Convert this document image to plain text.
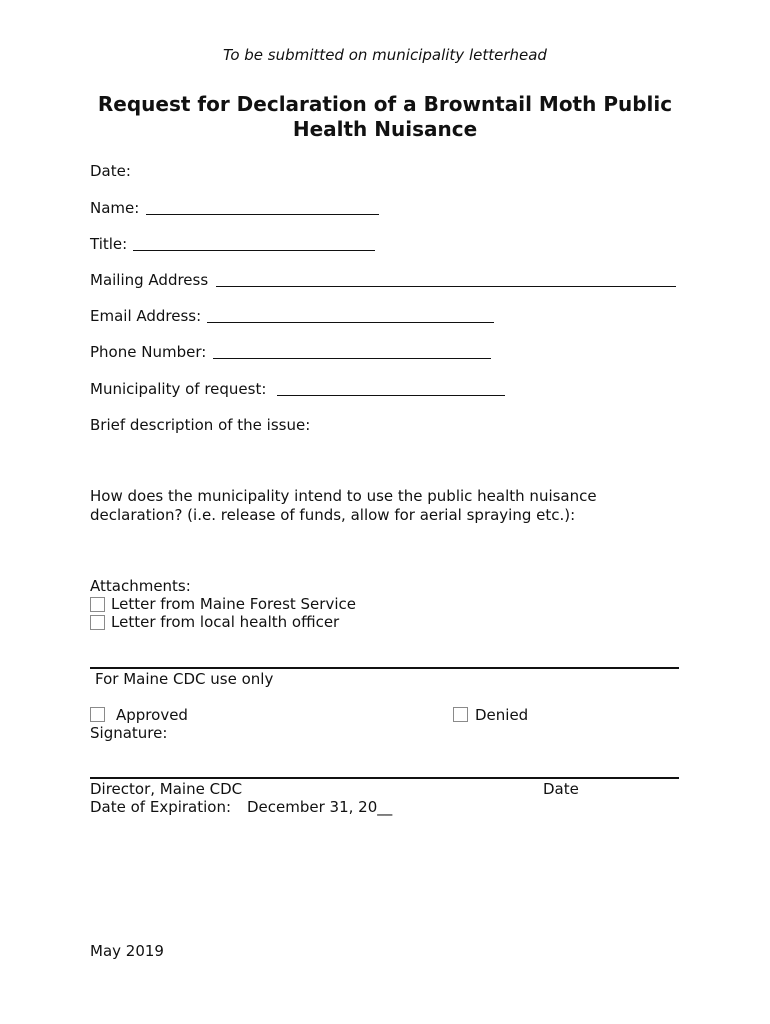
To be submitted on municipality letterhead
Request for Declaration of a Browntail Moth Public Health Nuisance
Date:
Name:
Title:
Mailing Address
Email Address:
Phone Number:
Municipality of request:
Brief description of the issue:
How does the municipality intend to use the public health nuisance declaration? (i.e. release of funds, allow for aerial spraying etc.):
Attachments:
Letter from Maine Forest Service
Letter from local health officer
For Maine CDC use only
Approved	Denied
Signature:
Director, Maine CDC	Date
Date of Expiration: December 31, 20__
May 2019
